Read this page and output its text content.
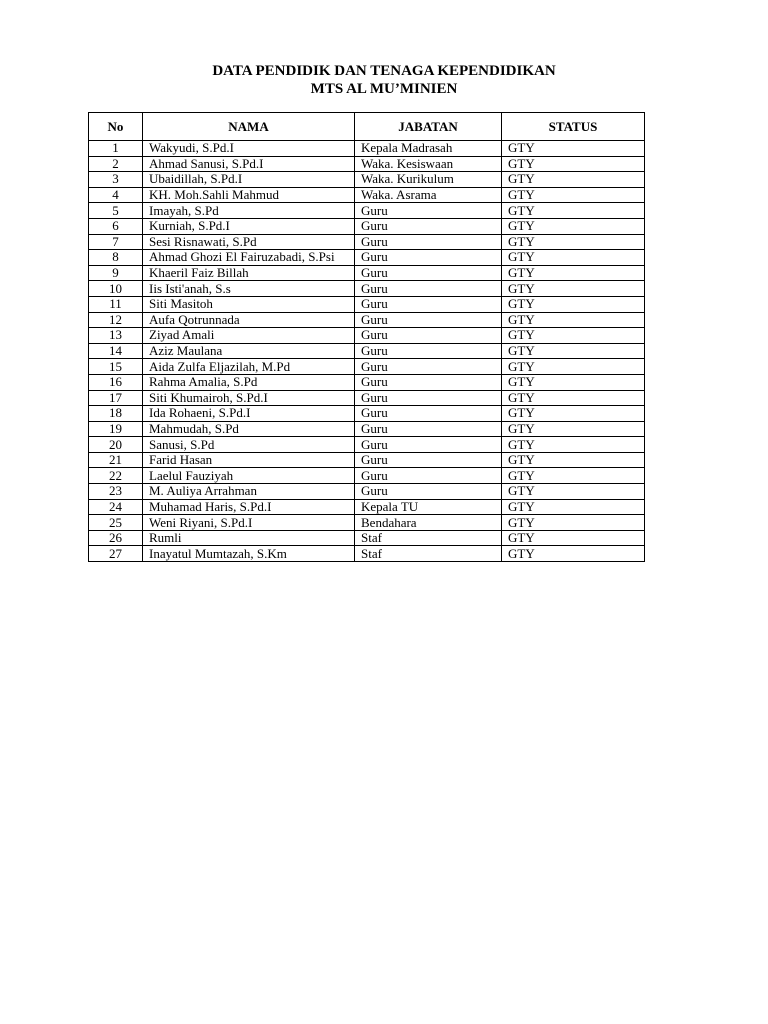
DATA PENDIDIK DAN TENAGA KEPENDIDIKAN
MTS AL MU’MINIEN
No	NAMA	JABATAN	STATUS
1	Wakyudi, S.Pd.I	Kepala Madrasah	GTY
2	Ahmad Sanusi, S.Pd.I	Waka. Kesiswaan	GTY
3	Ubaidillah, S.Pd.I	Waka. Kurikulum	GTY
4	KH. Moh.Sahli Mahmud	Waka. Asrama	GTY
5	Imayah, S.Pd	Guru	GTY
6	Kurniah, S.Pd.I	Guru	GTY
7	Sesi Risnawati, S.Pd	Guru	GTY
8	Ahmad Ghozi El Fairuzabadi, S.Psi	Guru	GTY
9	Khaeril Faiz Billah	Guru	GTY
10	Iis Isti'anah, S.s	Guru	GTY
11	Siti Masitoh	Guru	GTY
12	Aufa Qotrunnada	Guru	GTY
13	Ziyad Amali	Guru	GTY
14	Aziz Maulana	Guru	GTY
15	Aida Zulfa Eljazilah, M.Pd	Guru	GTY
16	Rahma Amalia, S.Pd	Guru	GTY
17	Siti Khumairoh, S.Pd.I	Guru	GTY
18	Ida Rohaeni, S.Pd.I	Guru	GTY
19	Mahmudah, S.Pd	Guru	GTY
20	Sanusi, S.Pd	Guru	GTY
21	Farid Hasan	Guru	GTY
22	Laelul Fauziyah	Guru	GTY
23	M. Auliya Arrahman	Guru	GTY
24	Muhamad Haris, S.Pd.I	Kepala TU	GTY
25	Weni Riyani, S.Pd.I	Bendahara	GTY
26	Rumli	Staf	GTY
27	Inayatul Mumtazah, S.Km	Staf	GTY
